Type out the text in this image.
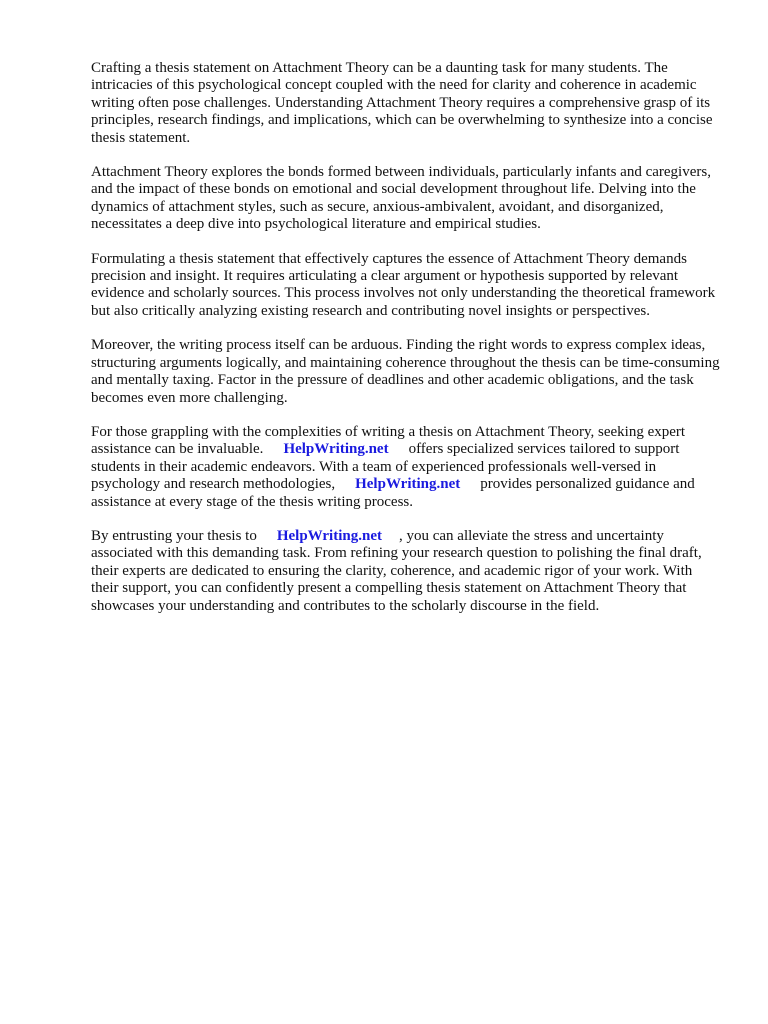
Crafting a thesis statement on Attachment Theory can be a daunting task for many students. The intricacies of this psychological concept coupled with the need for clarity and coherence in academic writing often pose challenges. Understanding Attachment Theory requires a comprehensive grasp of its principles, research findings, and implications, which can be overwhelming to synthesize into a concise thesis statement.

Attachment Theory explores the bonds formed between individuals, particularly infants and caregivers, and the impact of these bonds on emotional and social development throughout life. Delving into the dynamics of attachment styles, such as secure, anxious-ambivalent, avoidant, and disorganized, necessitates a deep dive into psychological literature and empirical studies.

Formulating a thesis statement that effectively captures the essence of Attachment Theory demands precision and insight. It requires articulating a clear argument or hypothesis supported by relevant evidence and scholarly sources. This process involves not only understanding the theoretical framework but also critically analyzing existing research and contributing novel insights or perspectives.

Moreover, the writing process itself can be arduous. Finding the right words to express complex ideas, structuring arguments logically, and maintaining coherence throughout the thesis can be time-consuming and mentally taxing. Factor in the pressure of deadlines and other academic obligations, and the task becomes even more challenging.

For those grappling with the complexities of writing a thesis on Attachment Theory, seeking expert assistance can be invaluable. HelpWriting.net offers specialized services tailored to support students in their academic endeavors. With a team of experienced professionals well-versed in psychology and research methodologies, HelpWriting.net provides personalized guidance and assistance at every stage of the thesis writing process.

By entrusting your thesis to HelpWriting.net , you can alleviate the stress and uncertainty associated with this demanding task. From refining your research question to polishing the final draft, their experts are dedicated to ensuring the clarity, coherence, and academic rigor of your work. With their support, you can confidently present a compelling thesis statement on Attachment Theory that showcases your understanding and contributes to the scholarly discourse in the field.
